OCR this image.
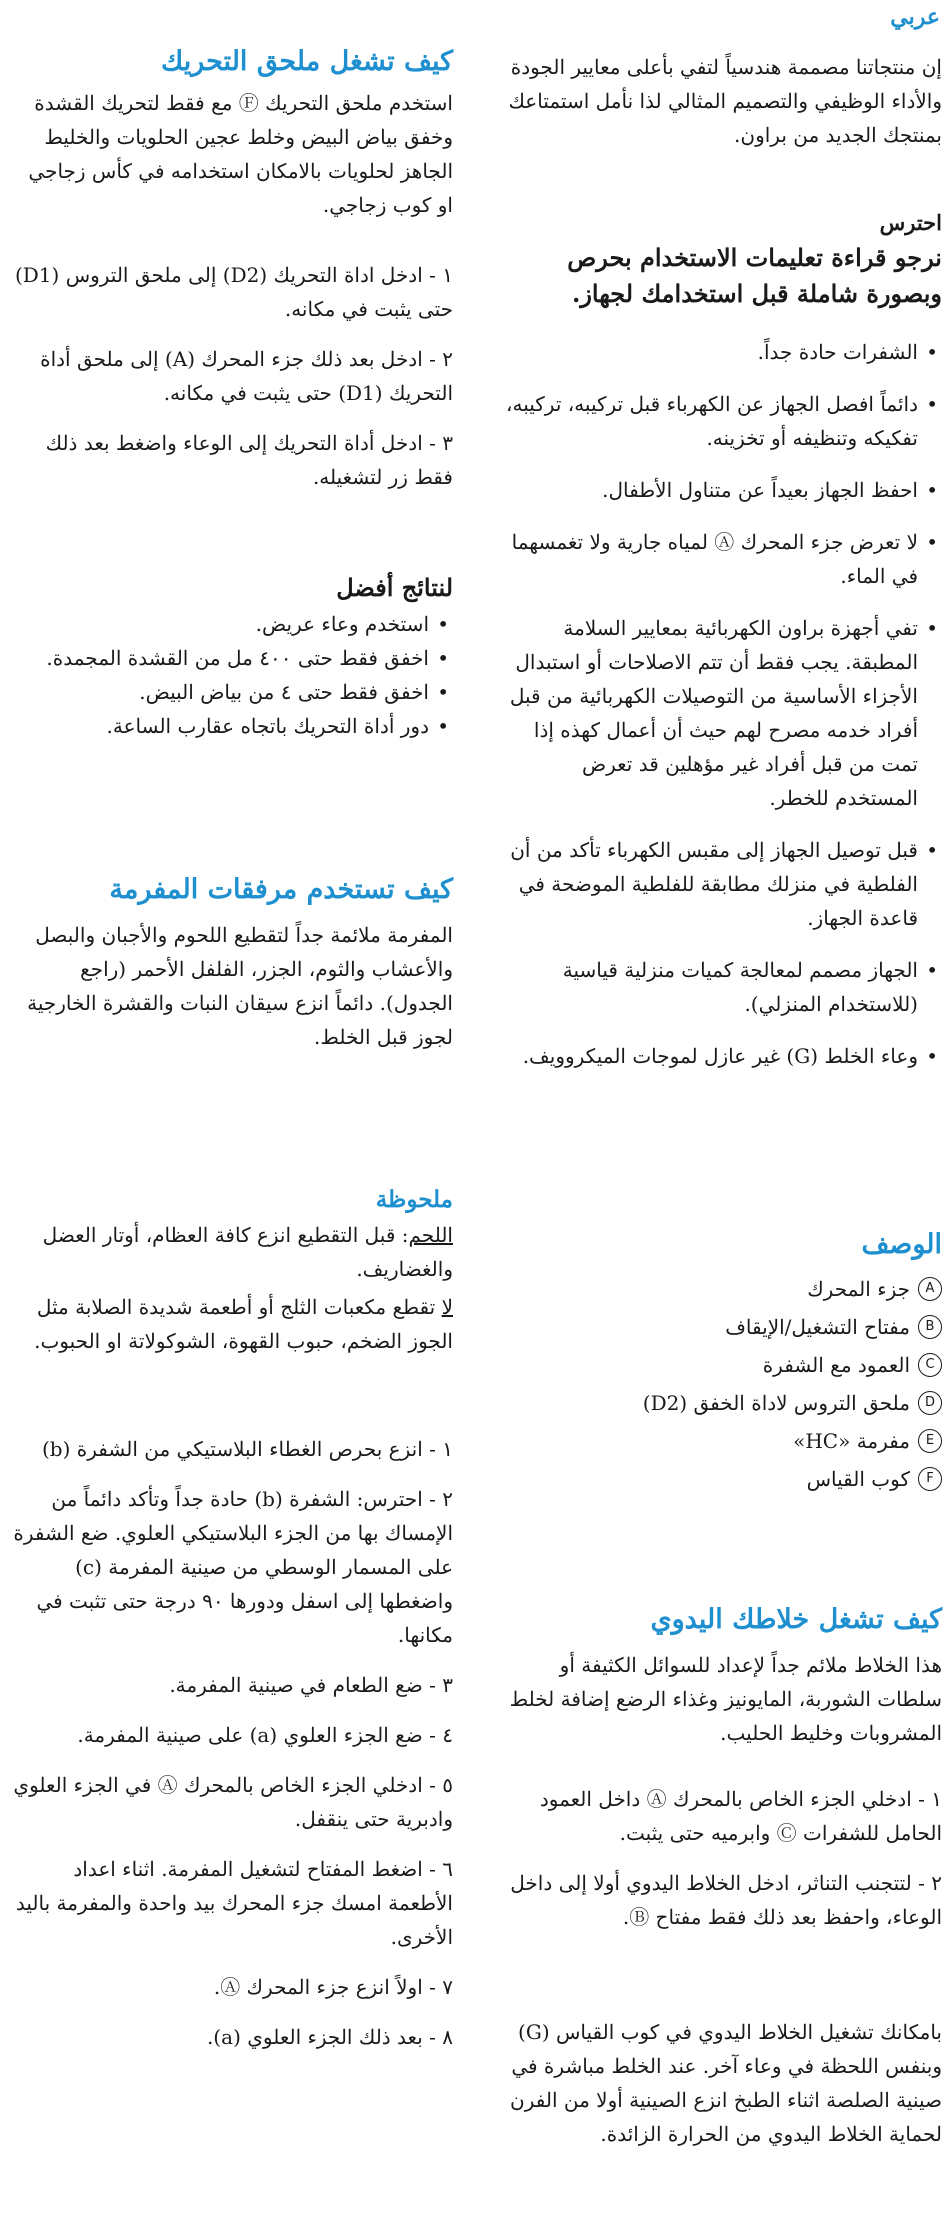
عربي

إن منتجاتنا مصممة هندسياً لتفي بأعلى معايير الجودة والأداء الوظيفي والتصميم المثالي لذا نأمل استمتاعك بمنتجك الجديد من براون.

احترس

نرجو قراءة تعليمات الاستخدام بحرص وبصورة شاملة قبل استخدامك لجهاز.

• الشفرات حادة جداً.
• دائماً افصل الجهاز عن الكهرباء قبل تركيبه، تركيبه، تفكيكه وتنظيفه أو تخزينه.
• احفظ الجهاز بعيداً عن متناول الأطفال.
• لا تعرض جزء المحرك Ⓐ لمياه جارية ولا تغمسهما في الماء.
• تفي أجهزة براون الكهربائية بمعايير السلامة المطبقة. يجب فقط أن تتم الاصلاحات أو استبدال الأجزاء الأساسية من التوصيلات الكهربائية من قبل أفراد خدمه مصرح لهم حيث أن أعمال كهذه إذا تمت من قبل أفراد غير مؤهلين قد تعرض المستخدم للخطر.
• قبل توصيل الجهاز إلى مقبس الكهرباء تأكد من أن الفلطية في منزلك مطابقة للفلطية الموضحة في قاعدة الجهاز.
• الجهاز مصمم لمعالجة كميات منزلية قياسية (للاستخدام المنزلي).
• وعاء الخلط (G) غير عازل لموجات الميكروويف.
الوصف
A
جزء المحرك
B
مفتاح التشغيل/الإيقاف
C
العمود مع الشفرة
D
ملحق التروس لاداة الخفق (D2)
E
مفرمة «HC»
F
كوب القياس
كيف تشغل خلاطك اليدوي

هذا الخلاط ملائم جداً لإعداد للسوائل الكثيفة أو سلطات الشوربة، المايونيز وغذاء الرضع إضافة لخلط المشروبات وخليط الحليب.

١ - ادخلي الجزء الخاص بالمحرك Ⓐ داخل العمود الحامل للشفرات Ⓒ وابرميه حتى يثبت.
٢ - لتتجنب التناثر، ادخل الخلاط اليدوي أولا إلى داخل الوعاء، واحفظ بعد ذلك فقط مفتاح Ⓑ.

بامكانك تشغيل الخلاط اليدوي في كوب القياس (G) وبنفس اللحظة في وعاء آخر. عند الخلط مباشرة في صينية الصلصة اثناء الطبخ انزع الصينية أولا من الفرن لحماية الخلاط اليدوي من الحرارة الزائدة.

كيف تشغل ملحق التحريك

استخدم ملحق التحريك Ⓕ مع فقط لتحريك القشدة وخفق بياض البيض وخلط عجين الحلويات والخليط الجاهز لحلويات بالامكان استخدامه في كأس زجاجي او كوب زجاجي.

١ - ادخل اداة التحريك (D2) إلى ملحق التروس (D1) حتى يثبت في مكانه.
٢ - ادخل بعد ذلك جزء المحرك (A) إلى ملحق أداة التحريك (D1) حتى يثبت في مكانه.
٣ - ادخل أداة التحريك إلى الوعاء واضغط بعد ذلك فقط زر لتشغيله.

لنتائج أفضل

• استخدم وعاء عريض.
• اخفق فقط حتى ٤٠٠ مل من القشدة المجمدة.
• اخفق فقط حتى ٤ من بياض البيض.
• دور أداة التحريك باتجاه عقارب الساعة.
كيف تستخدم مرفقات المفرمة

المفرمة ملائمة جداً لتقطيع اللحوم والأجبان والبصل والأعشاب والثوم، الجزر، الفلفل الأحمر (راجع الجدول). دائماً انزع سيقان النبات والقشرة الخارجية لجوز قبل الخلط.

ملحوظة

اللحم: قبل التقطيع انزع كافة العظام، أوتار العضل والغضاريف.

لا تقطع مكعبات الثلج أو أطعمة شديدة الصلابة مثل الجوز الضخم، حبوب القهوة، الشوكولاتة او الحبوب.

١ - انزع بحرص الغطاء البلاستيكي من الشفرة (b)
٢ - احترس: الشفرة (b) حادة جداً وتأكد دائماً من الإمساك بها من الجزء البلاستيكي العلوي. ضع الشفرة على المسمار الوسطي من صينية المفرمة (c) واضغطها إلى اسفل ودورها ٩٠ درجة حتى تثبت في مكانها.
٣ - ضع الطعام في صينية المفرمة.
٤ - ضع الجزء العلوي (a) على صينية المفرمة.
٥ - ادخلي الجزء الخاص بالمحرك Ⓐ في الجزء العلوي وادبرية حتى ينقفل.
٦ - اضغط المفتاح لتشغيل المفرمة. اثناء اعداد الأطعمة امسك جزء المحرك بيد واحدة والمفرمة باليد الأخرى.
٧ - اولاً انزع جزء المحرك Ⓐ.
٨ - بعد ذلك الجزء العلوي (a).
